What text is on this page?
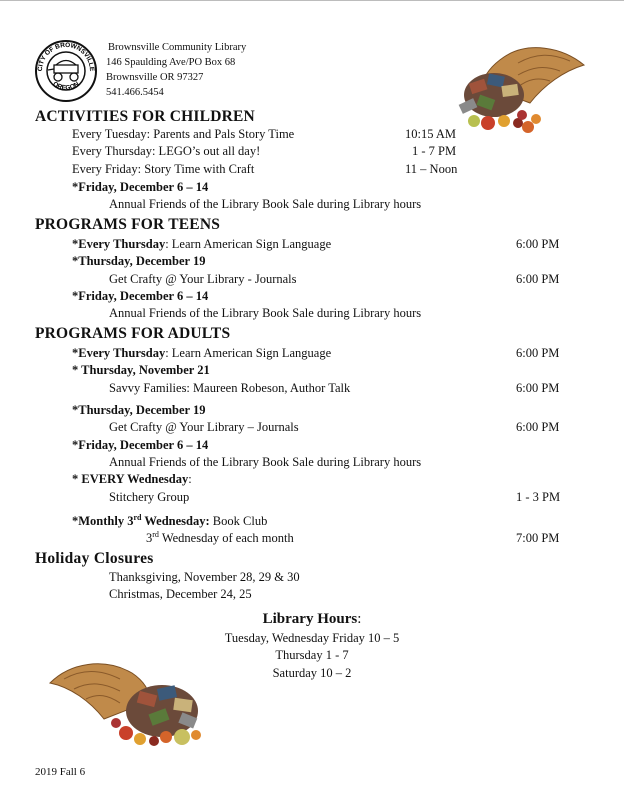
CITY OF BROWNSVILLE
OREGON
Brownsville Community Library
146 Spaulding Ave/PO Box 68
Brownsville OR 97327
541.466.5454
ACTIVITIES FOR CHILDREN
Every Tuesday: Parents and Pals Story Time	10:15 AM
Every Thursday: LEGO’s out all day!	1 - 7 PM
Every Friday: Story Time with Craft	11 – Noon
*Friday, December 6 – 14
Annual Friends of the Library Book Sale during Library hours
PROGRAMS FOR TEENS
*Every Thursday: Learn American Sign Language	6:00 PM
*Thursday, December 19
Get Crafty @ Your Library - Journals	6:00 PM
*Friday, December 6 – 14
Annual Friends of the Library Book Sale during Library hours
PROGRAMS FOR ADULTS
*Every Thursday: Learn American Sign Language	6:00 PM
* Thursday, November 21
Savvy Families: Maureen Robeson, Author Talk	6:00 PM
*Thursday, December 19
Get Crafty @ Your Library – Journals	6:00 PM
*Friday, December 6 – 14
Annual Friends of the Library Book Sale during Library hours
* EVERY Wednesday:
Stitchery Group	1 - 3 PM
*Monthly 3rd Wednesday: Book Club
3rd Wednesday of each month	7:00 PM
Holiday Closures
Thanksgiving, November 28, 29 & 30
Christmas, December 24, 25
Library Hours:
Tuesday, Wednesday Friday 10 – 5
Thursday 1 - 7
Saturday 10 – 2
2019 Fall 6
